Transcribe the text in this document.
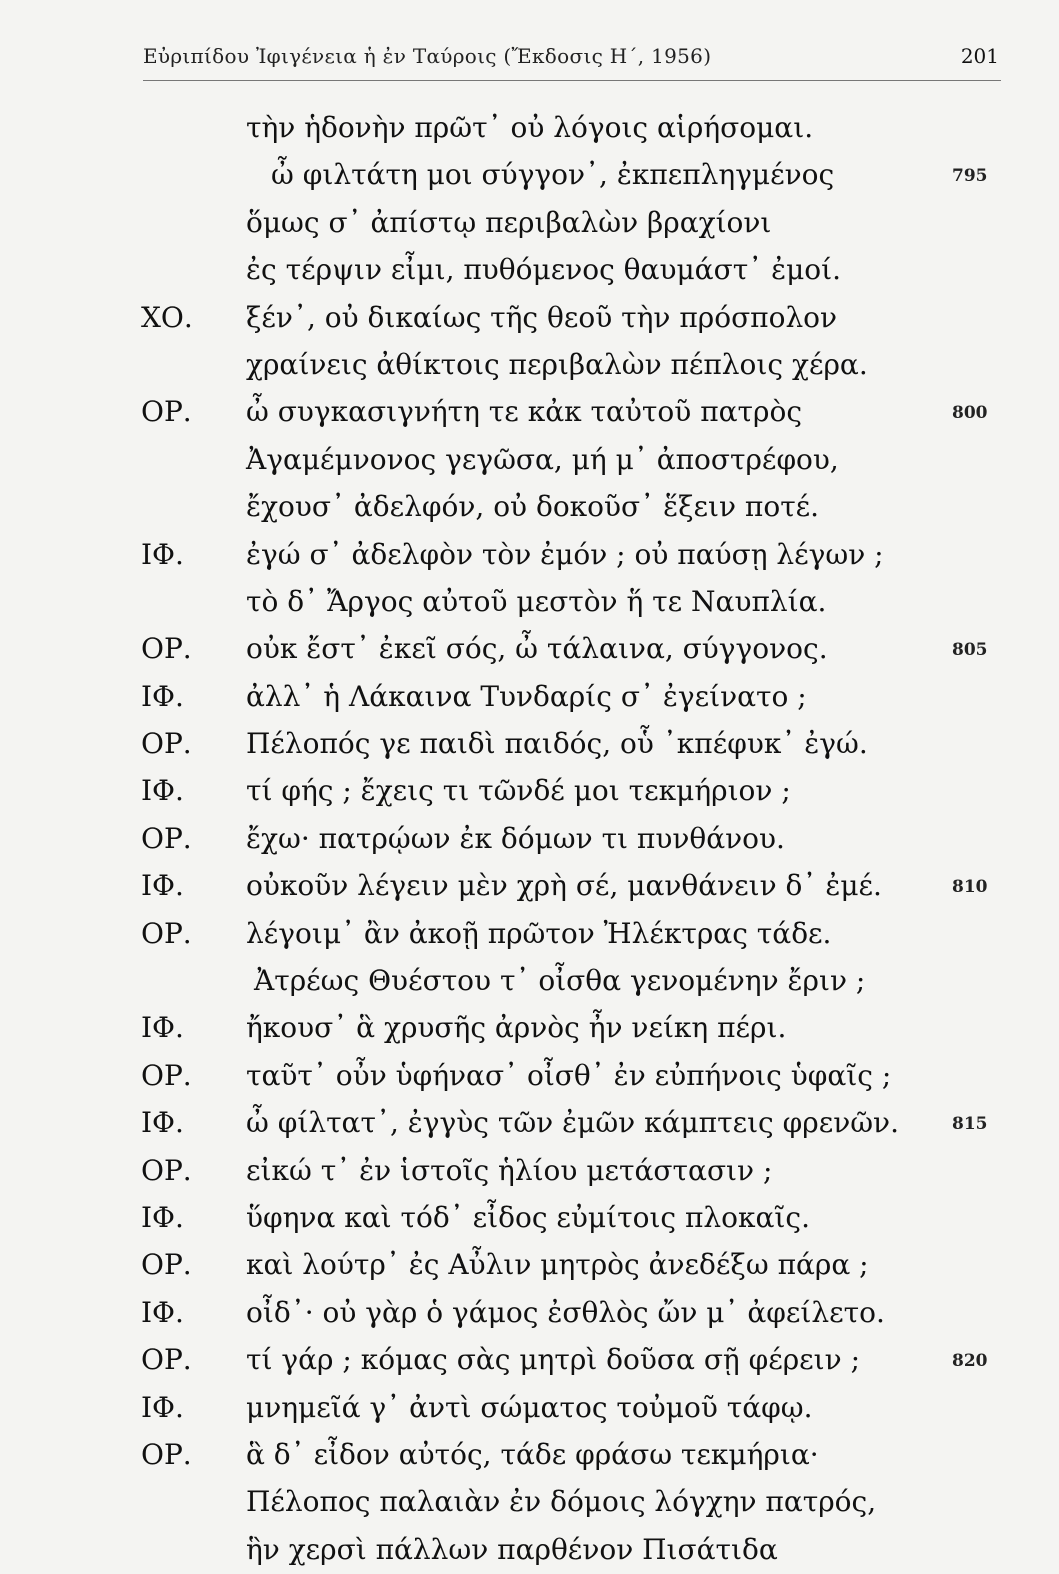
Εὐριπίδου Ἰφιγένεια ἡ ἐν Ταύροις (Ἔκδοσις Η΄, 1956)	201
τὴν ἡδονὴν πρῶτ᾽ οὐ λόγοις αἱρήσομαι.
ὦ φιλτάτη μοι σύγγον᾽, ἐκπεπληγμένος	795
ὅμως σ᾽ ἀπίστῳ περιβαλὼν βραχίονι
ἐς τέρψιν εἶμι, πυθόμενος θαυμάστ᾽ ἐμοί.
ΧΟ. ξέν᾽, οὐ δικαίως τῆς θεοῦ τὴν πρόσπολον
χραίνεις ἀθίκτοις περιβαλὼν πέπλοις χέρα.
ΟΡ. ὦ συγκασιγνήτη τε κἀκ ταὐτοῦ πατρὸς	800
Ἀγαμέμνονος γεγῶσα, μή μ᾽ ἀποστρέφου,
ἔχουσ᾽ ἀδελφόν, οὐ δοκοῦσ᾽ ἕξειν ποτέ.
ΙΦ. ἐγώ σ᾽ ἀδελφὸν τὸν ἐμόν ; οὐ παύσῃ λέγων ;
τὸ δ᾽ Ἄργος αὐτοῦ μεστὸν ἥ τε Ναυπλία.
ΟΡ. οὐκ ἔστ᾽ ἐκεῖ σός, ὦ τάλαινα, σύγγονος.	805
ΙΦ. ἀλλ᾽ ἡ Λάκαινα Τυνδαρίς σ᾽ ἐγείνατο ;
ΟΡ. Πέλοπός γε παιδὶ παιδός, οὗ ᾽κπέφυκ᾽ ἐγώ.
ΙΦ. τί φής ; ἔχεις τι τῶνδέ μοι τεκμήριον ;
ΟΡ. ἔχω· πατρῴων ἐκ δόμων τι πυνθάνου.
ΙΦ. οὐκοῦν λέγειν μὲν χρὴ σέ, μανθάνειν δ᾽ ἐμέ.	810
ΟΡ. λέγοιμ᾽ ἂν ἀκοῇ πρῶτον Ἠλέκτρας τάδε.
Ἀτρέως Θυέστου τ᾽ οἶσθα γενομένην ἔριν ;
ΙΦ. ἤκουσ᾽ ἃ χρυσῆς ἀρνὸς ἦν νείκη πέρι.
ΟΡ. ταῦτ᾽ οὖν ὑφήνασ᾽ οἶσθ᾽ ἐν εὐπήνοις ὑφαῖς ;
ΙΦ. ὦ φίλτατ᾽, ἐγγὺς τῶν ἐμῶν κάμπτεις φρενῶν.	815
ΟΡ. εἰκώ τ᾽ ἐν ἱστοῖς ἡλίου μετάστασιν ;
ΙΦ. ὕφηνα καὶ τόδ᾽ εἶδος εὐμίτοις πλοκαῖς.
ΟΡ. καὶ λούτρ᾽ ἐς Αὖλιν μητρὸς ἀνεδέξω πάρα ;
ΙΦ. οἶδ᾽· οὐ γὰρ ὁ γάμος ἐσθλὸς ὤν μ᾽ ἀφείλετο.
ΟΡ. τί γάρ ; κόμας σὰς μητρὶ δοῦσα σῇ φέρειν ;	820
ΙΦ. μνημεῖά γ᾽ ἀντὶ σώματος τοὐμοῦ τάφῳ.
ΟΡ. ἃ δ᾽ εἶδον αὐτός, τάδε φράσω τεκμήρια·
Πέλοπος παλαιὰν ἐν δόμοις λόγχην πατρός,
ἣν χερσὶ πάλλων παρθένον Πισάτιδα
